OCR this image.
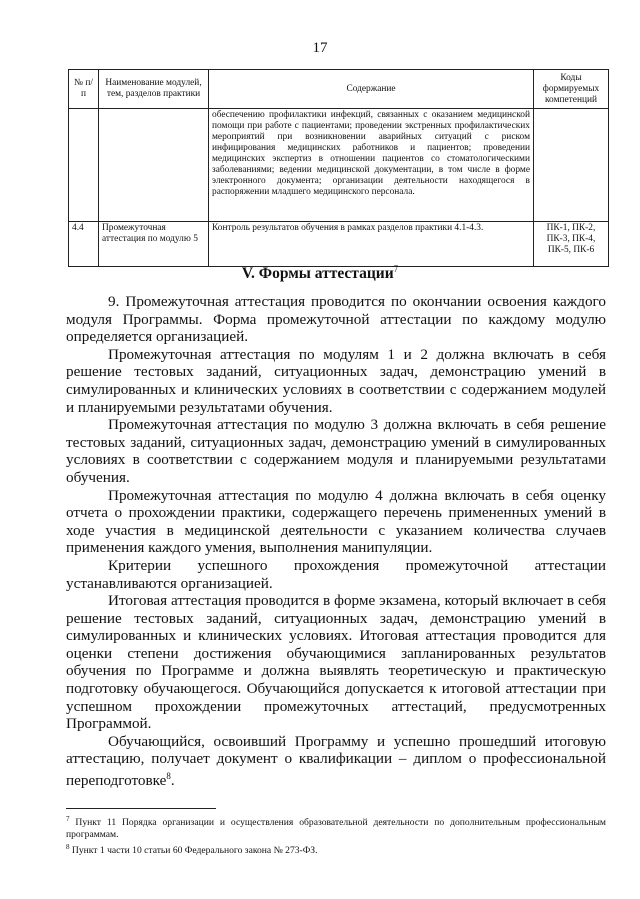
17
№ п/п	Наименование модулей, тем, разделов практики	Содержание	Коды формируемых компетенций
		обеспечению профилактики инфекций, связанных с оказанием медицинской помощи при работе с пациентами; проведении экстренных профилактических мероприятий при возникновении аварийных ситуаций с риском инфицирования медицинских работников и пациентов; проведении медицинских экспертиз в отношении пациентов со стоматологическими заболеваниями; ведении медицинской документации, в том числе в форме электронного документа; организации деятельности находящегося в распоряжении младшего медицинского персонала.	
4.4	Промежуточная аттестация по модулю 5	Контроль результатов обучения в рамках разделов практики 4.1-4.3.	ПК-1, ПК-2, ПК-3, ПК-4, ПК-5, ПК-6
V. Формы аттестации$^7$

9. Промежуточная аттестация проводится по окончании освоения каждого модуля Программы. Форма промежуточной аттестации по каждому модулю определяется организацией.

Промежуточная аттестация по модулям 1 и 2 должна включать в себя решение тестовых заданий, ситуационных задач, демонстрацию умений в симулированных и клинических условиях в соответствии с содержанием модулей и планируемыми результатами обучения.

Промежуточная аттестация по модулю 3 должна включать в себя решение тестовых заданий, ситуационных задач, демонстрацию умений в симулированных условиях в соответствии с содержанием модуля и планируемыми результатами обучения.

Промежуточная аттестация по модулю 4 должна включать в себя оценку отчета о прохождении практики, содержащего перечень примененных умений в ходе участия в медицинской деятельности с указанием количества случаев применения каждого умения, выполнения манипуляции.

Критерии успешного прохождения промежуточной аттестации устанавливаются организацией.

Итоговая аттестация проводится в форме экзамена, который включает в себя решение тестовых заданий, ситуационных задач, демонстрацию умений в симулированных и клинических условиях. Итоговая аттестация проводится для оценки степени достижения обучающимися запланированных результатов обучения по Программе и должна выявлять теоретическую и практическую подготовку обучающегося. Обучающийся допускается к итоговой аттестации при успешном прохождении промежуточных аттестаций, предусмотренных Программой.

Обучающийся, освоивший Программу и успешно прошедший итоговую аттестацию, получает документ о квалификации – диплом о профессиональной переподготовке$^8$.

$^7$ Пункт 11 Порядка организации и осуществления образовательной деятельности по дополнительным профессиональным программам.

$^8$ Пункт 1 части 10 статьи 60 Федерального закона № 273-ФЗ.
